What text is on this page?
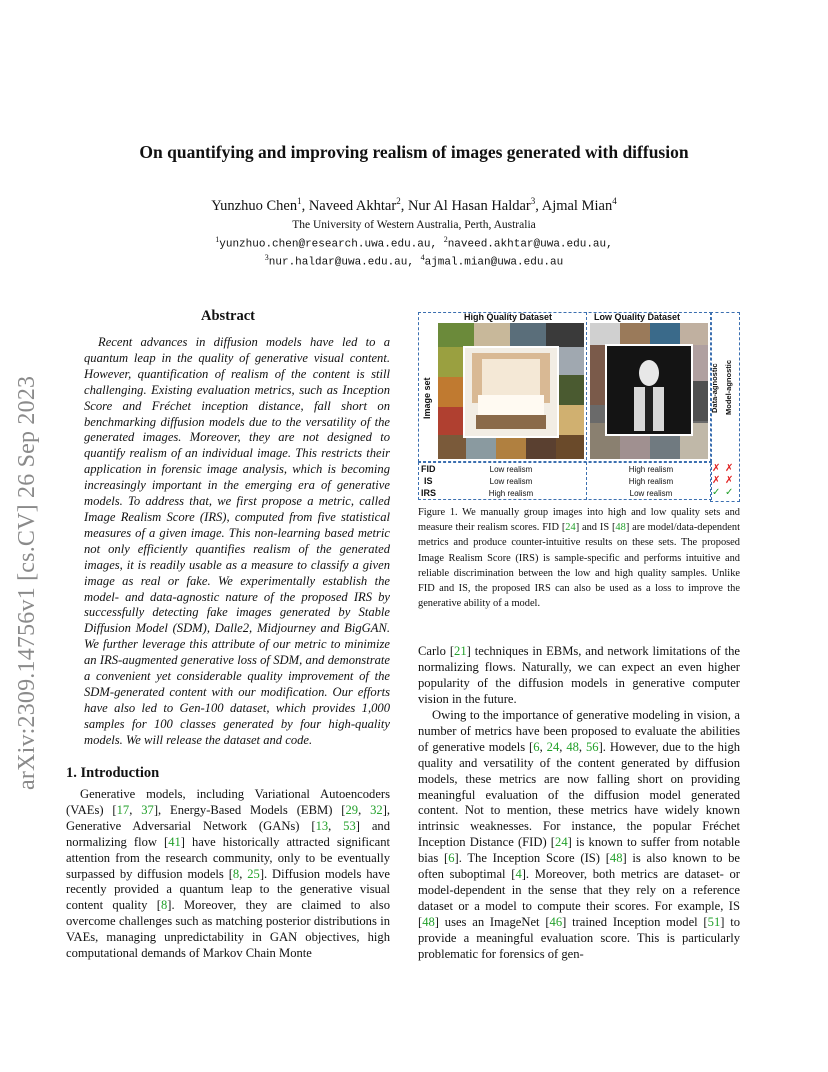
arXiv:2309.14756v1 [cs.CV] 26 Sep 2023
On quantifying and improving realism of images generated with diffusion
Yunzhuo Chen$^1$, Naveed Akhtar$^2$, Nur Al Hasan Haldar$^3$, Ajmal Mian$^4$
The University of Western Australia, Perth, Australia
$^1$yunzhuo.chen@research.uwa.edu.au, $^2$naveed.akhtar@uwa.edu.au,
$^3$nur.haldar@uwa.edu.au, $^4$ajmal.mian@uwa.edu.au
Abstract

Recent advances in diffusion models have led to a quantum leap in the quality of generative visual content. However, quantification of realism of the content is still challenging. Existing evaluation metrics, such as Inception Score and Fréchet inception distance, fall short on benchmarking diffusion models due to the versatility of the generated images. Moreover, they are not designed to quantify realism of an individual image. This restricts their application in forensic image analysis, which is becoming increasingly important in the emerging era of generative models. To address that, we first propose a metric, called Image Realism Score (IRS), computed from five statistical measures of a given image. This non-learning based metric not only efficiently quantifies realism of the generated images, it is readily usable as a measure to classify a given image as real or fake. We experimentally establish the model- and data-agnostic nature of the proposed IRS by successfully detecting fake images generated by Stable Diffusion Model (SDM), Dalle2, Midjourney and BigGAN. We further leverage this attribute of our metric to minimize an IRS-augmented generative loss of SDM, and demonstrate a convenient yet considerable quality improvement of the SDM-generated content with our modification. Our efforts have also led to Gen-100 dataset, which provides 1,000 samples for 100 classes generated by four high-quality models. We will release the dataset and code.

1. Introduction

Generative models, including Variational Autoencoders (VAEs) [17, 37], Energy-Based Models (EBM) [29, 32], Generative Adversarial Network (GANs) [13, 53] and normalizing flow [41] have historically attracted significant attention from the research community, only to be eventually surpassed by diffusion models [8, 25]. Diffusion models have recently provided a quantum leap to the generative visual content quality [8]. Moreover, they are claimed to also overcome challenges such as matching posterior distributions in VAEs, managing unpredictability in GAN objectives, high computational demands of Markov Chain Monte

High Quality Dataset	Low Quality Dataset
Image set	Data-agnostic Model-agnostic
FID	Low realism	High realism	✗ ✗
IS	Low realism	High realism	✗ ✗
IRS	High realism	Low realism	✓ ✓

Figure 1. We manually group images into high and low quality sets and measure their realism scores. FID [24] and IS [48] are model/data-dependent metrics and produce counter-intuitive results on these sets. The proposed Image Realism Score (IRS) is sample-specific and performs intuitive and reliable discrimination between the low and high quality samples. Unlike FID and IS, the proposed IRS can also be used as a loss to improve the generative ability of a model.

Carlo [21] techniques in EBMs, and network limitations of the normalizing flows. Naturally, we can expect an even higher popularity of the diffusion models in generative computer vision in the future.

Owing to the importance of generative modeling in vision, a number of metrics have been proposed to evaluate the abilities of generative models [6, 24, 48, 56]. However, due to the high quality and versatility of the content generated by diffusion models, these metrics are now falling short on providing meaningful evaluation of the diffusion model generated content. Not to mention, these metrics have widely known intrinsic weaknesses. For instance, the popular Fréchet Inception Distance (FID) [24] is known to suffer from notable bias [6]. The Inception Score (IS) [48] is also known to be often suboptimal [4]. Moreover, both metrics are dataset- or model-dependent in the sense that they rely on a reference dataset or a model to compute their scores. For example, IS [48] uses an ImageNet [46] trained Inception model [51] to provide a meaningful evaluation score. This is particularly problematic for forensics of gen-
